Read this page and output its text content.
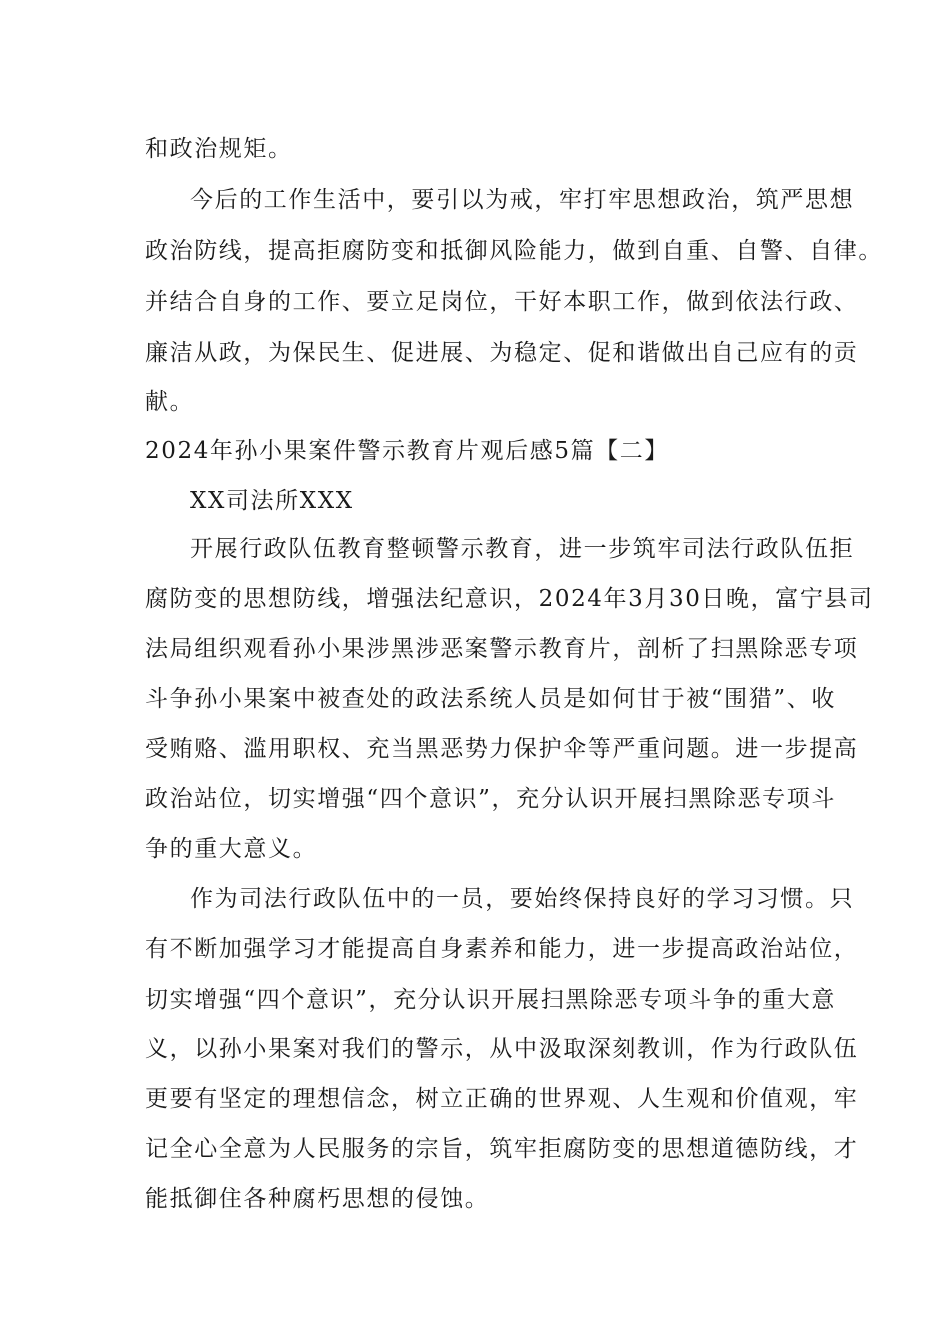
和政治规矩。
今后的工作生活中，要引以为戒，牢打牢思想政治，筑严思想
政治防线，提高拒腐防变和抵御风险能力，做到自重、自警、自律。
并结合自身的工作、要立足岗位，干好本职工作，做到依法行政、
廉洁从政，为保民生、促进展、为稳定、促和谐做出自己应有的贡
献。
2024年孙小果案件警示教育片观后感5篇【二】
XX司法所XXX
开展行政队伍教育整顿警示教育，进一步筑牢司法行政队伍拒
腐防变的思想防线，增强法纪意识，2024年3月30日晚，富宁县司
法局组织观看孙小果涉黑涉恶案警示教育片，剖析了扫黑除恶专项
斗争孙小果案中被查处的政法系统人员是如何甘于被“围猎”、收
受贿赂、滥用职权、充当黑恶势力保护伞等严重问题。进一步提高
政治站位，切实增强“四个意识”，充分认识开展扫黑除恶专项斗
争的重大意义。
作为司法行政队伍中的一员，要始终保持良好的学习习惯。只
有不断加强学习才能提高自身素养和能力，进一步提高政治站位，
切实增强“四个意识”，充分认识开展扫黑除恶专项斗争的重大意
义，以孙小果案对我们的警示，从中汲取深刻教训，作为行政队伍
更要有坚定的理想信念，树立正确的世界观、人生观和价值观，牢
记全心全意为人民服务的宗旨，筑牢拒腐防变的思想道德防线，才
能抵御住各种腐朽思想的侵蚀。
